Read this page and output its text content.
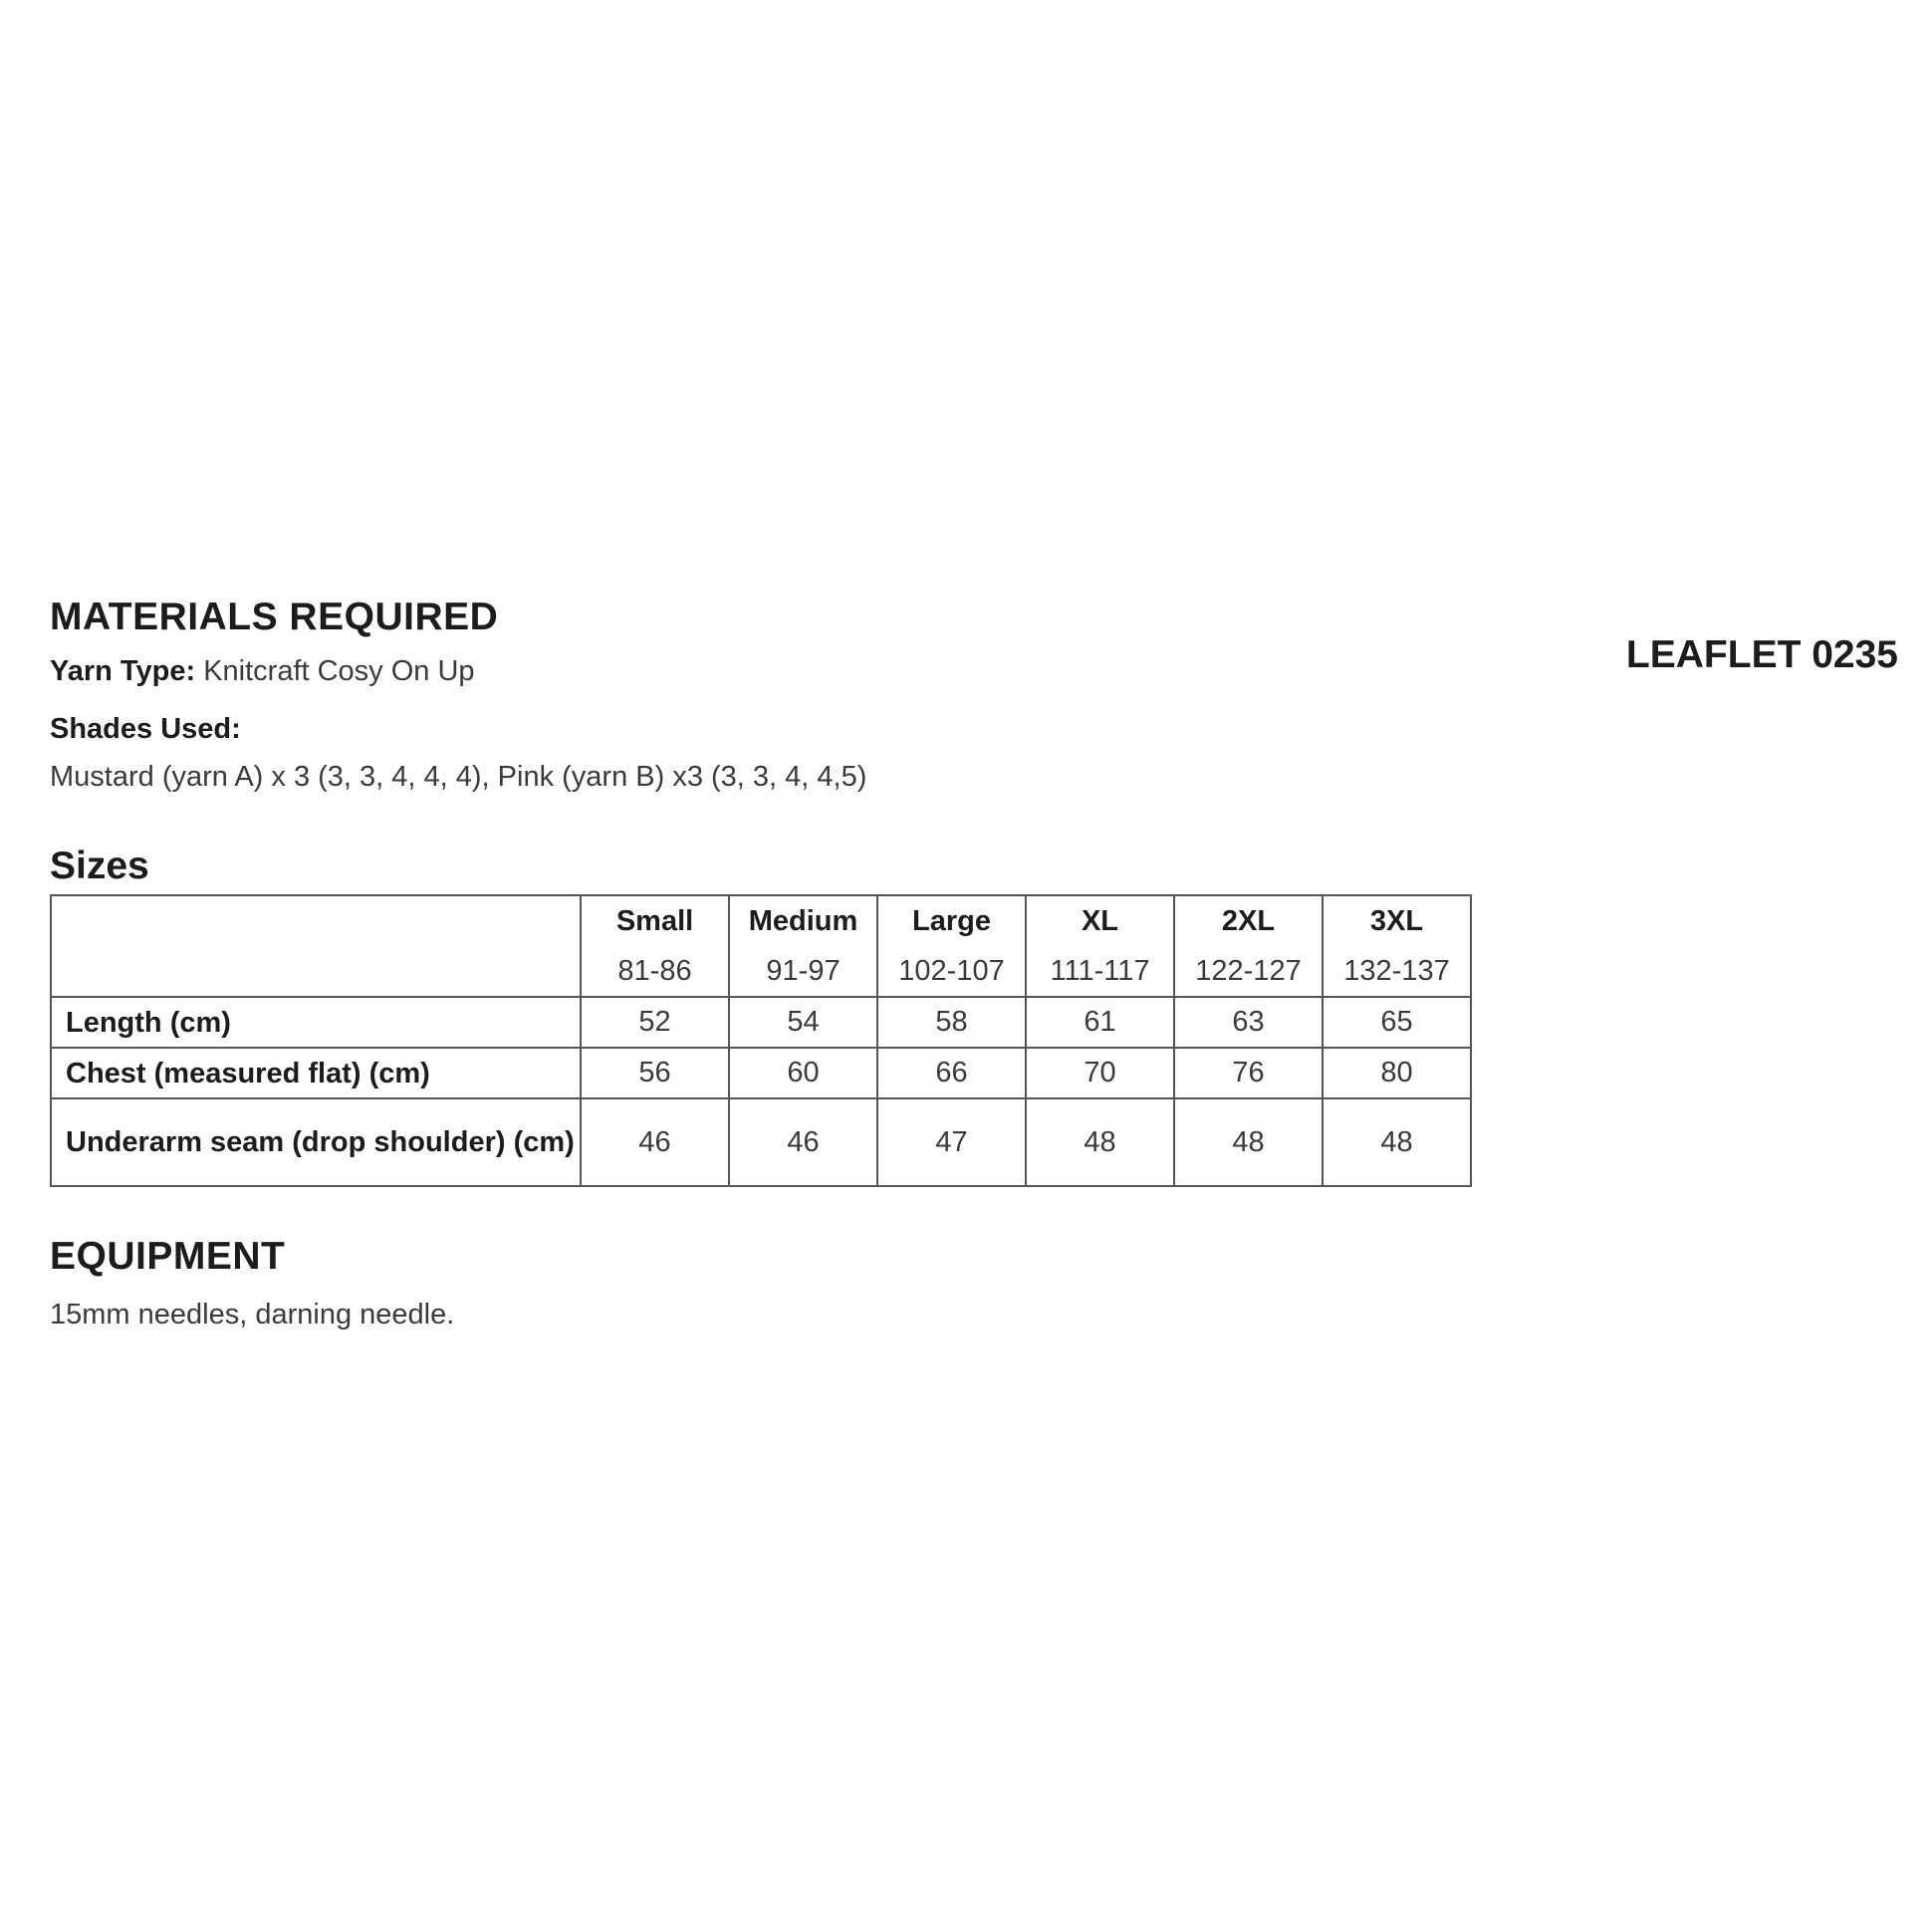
MATERIALS REQUIRED
LEAFLET 0235
Yarn Type: Knitcraft Cosy On Up
Shades Used:
Mustard (yarn A) x 3 (3, 3, 4, 4, 4), Pink (yarn B) x3 (3, 3, 4, 4,5)
Sizes
	Small	Medium	Large	XL	2XL	3XL
	81-86	91-97	102-107	111-117	122-127	132-137
Length (cm)	52	54	58	61	63	65
Chest (measured flat) (cm)	56	60	66	70	76	80
Underarm seam (drop shoulder) (cm)	46	46	47	48	48	48
EQUIPMENT
15mm needles, darning needle.
